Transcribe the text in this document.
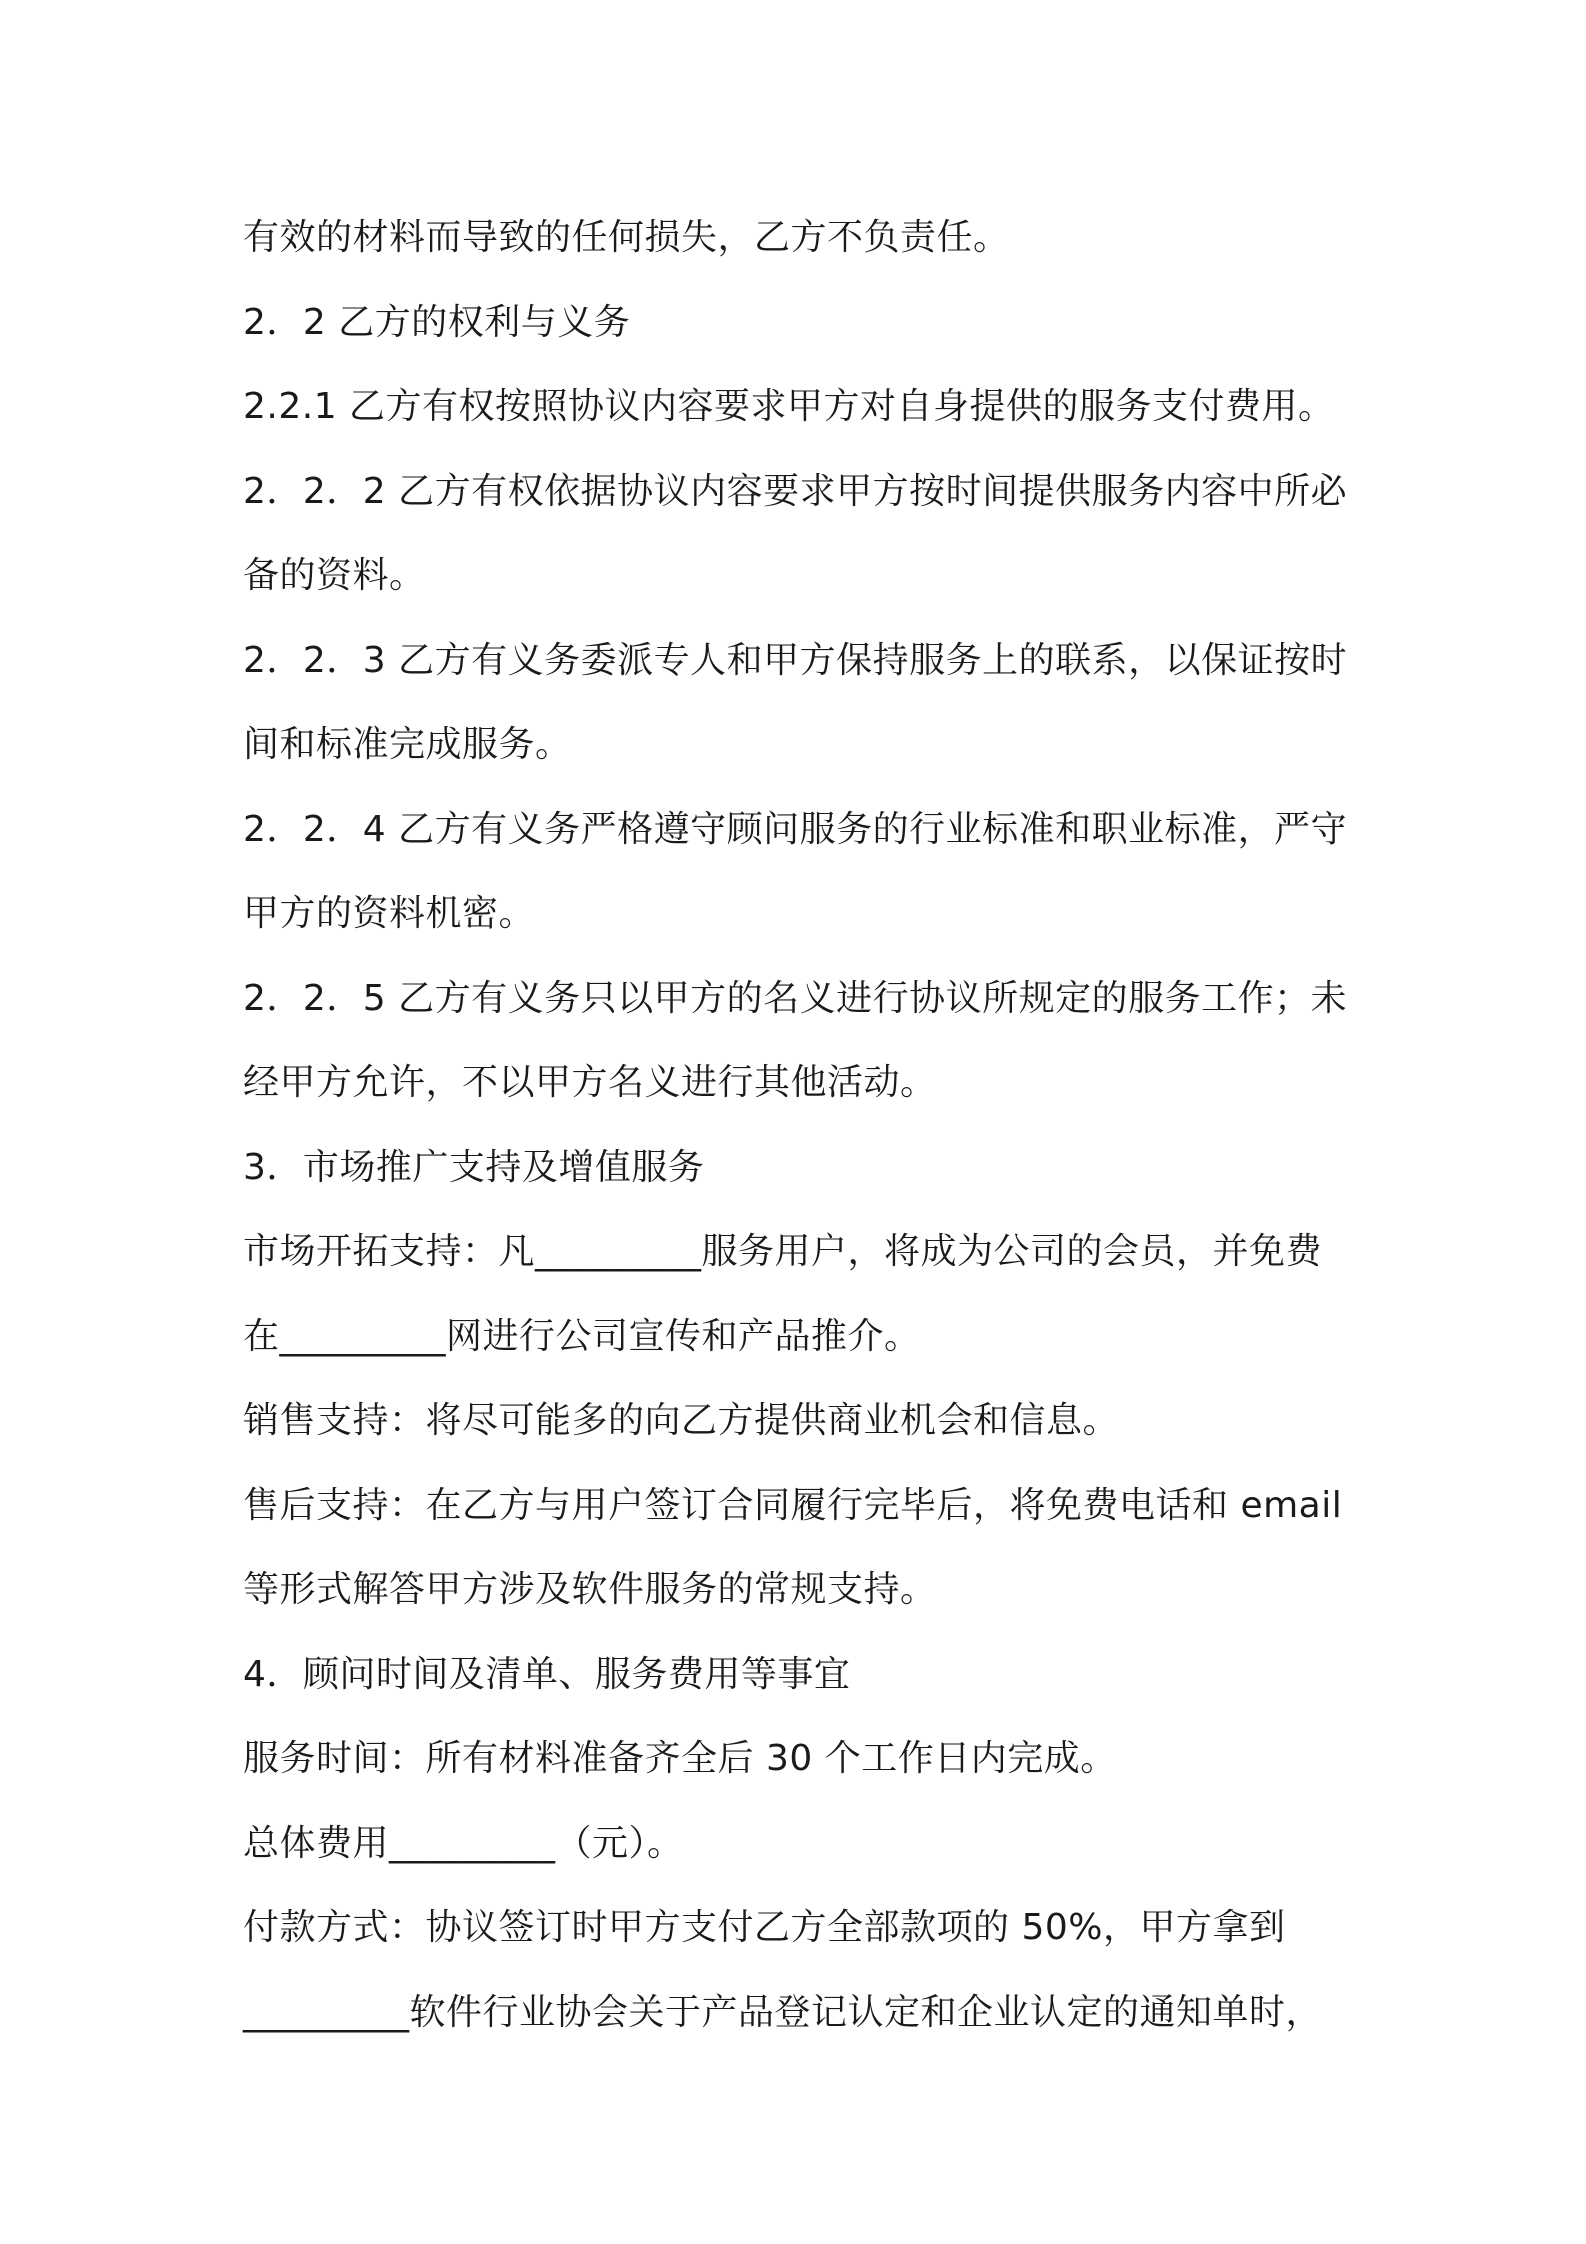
有效的材料而导致的任何损失，乙方不负责任。
2．2 乙方的权利与义务
2.2.1 乙方有权按照协议内容要求甲方对自身提供的服务支付费用。
2．2．2 乙方有权依据协议内容要求甲方按时间提供服务内容中所必
备的资料。
2．2．3 乙方有义务委派专人和甲方保持服务上的联系，以保证按时
间和标准完成服务。
2．2．4 乙方有义务严格遵守顾问服务的行业标准和职业标准，严守
甲方的资料机密。
2．2．5 乙方有义务只以甲方的名义进行协议所规定的服务工作；未
经甲方允许，不以甲方名义进行其他活动。
3．市场推广支持及增值服务
市场开拓支持：凡_________服务用户，将成为公司的会员，并免费
在_________网进行公司宣传和产品推介。
销售支持：将尽可能多的向乙方提供商业机会和信息。
售后支持：在乙方与用户签订合同履行完毕后，将免费电话和 email
等形式解答甲方涉及软件服务的常规支持。
4．顾问时间及清单、服务费用等事宜
服务时间：所有材料准备齐全后 30 个工作日内完成。
总体费用_________（元）。
付款方式：协议签订时甲方支付乙方全部款项的 50%，甲方拿到
_________软件行业协会关于产品登记认定和企业认定的通知单时，
